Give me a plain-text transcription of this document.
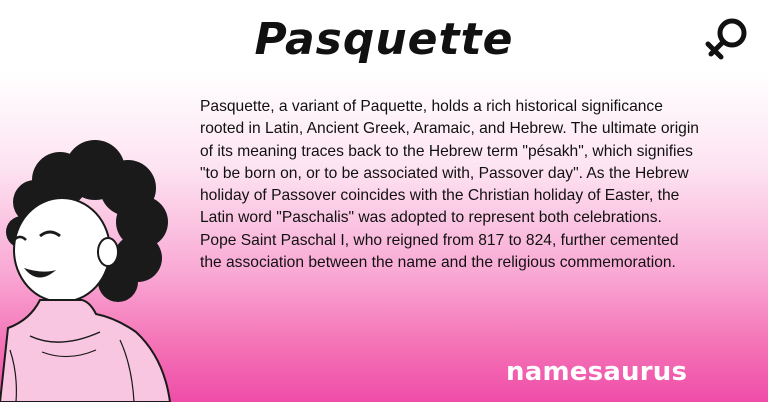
Pasquette

Pasquette, a variant of Paquette, holds a rich historical significance rooted in Latin, Ancient Greek, Aramaic, and Hebrew. The ultimate origin of its meaning traces back to the Hebrew term "pésakh", which signifies "to be born on, or to be associated with, Passover day". As the Hebrew holiday of Passover coincides with the Christian holiday of Easter, the Latin word "Paschalis" was adopted to represent both celebrations. Pope Saint Paschal I, who reigned from 817 to 824, further cemented the association between the name and the religious commemoration.

namesaurus
